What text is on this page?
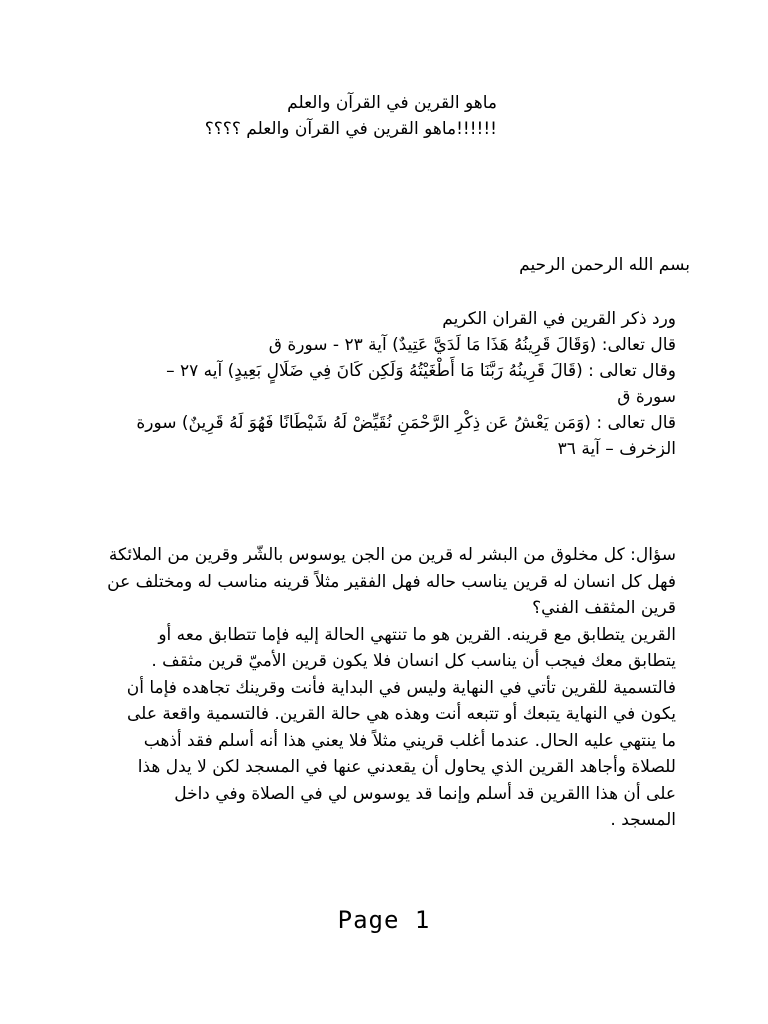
ماهو القرين في القرآن والعلم
!!!!!!ماهو القرين في القرآن والعلم ؟؟؟؟
بسم الله الرحمن الرحيم

ورد ذكر القرين في القران الكريم

قال تعالى: (وَقَالَ قَرِينُهُ هَذَا مَا لَدَيَّ عَتِيدٌ) آية ٢٣ - سورة ق

وقال تعالى : (قَالَ قَرِينُهُ رَبَّنَا مَا أَطْغَيْتُهُ وَلَكِن كَانَ فِي ضَلَالٍ بَعِيدٍ) آيه ٢٧ –

سورة ق

قال تعالى : (وَمَن يَعْشُ عَن ذِكْرِ الرَّحْمَنِ نُقَيِّضْ لَهُ شَيْطَانًا فَهُوَ لَهُ قَرِينٌ) سورة

الزخرف – آية ٣٦

سؤال: كل مخلوق من البشر له قرين من الجن يوسوس بالشّر وقرين من الملائكة

فهل كل انسان له قرين يناسب حاله فهل الفقير مثلاً قرينه مناسب له ومختلف عن

قرين المثقف الفني؟

القرين يتطابق مع قرينه. القرين هو ما تنتهي الحالة إليه فإما تتطابق معه أو

يتطابق معك فيجب أن يناسب كل انسان فلا يكون قرين الأميّ قرين مثقف .

فالتسمية للقرين تأتي في النهاية وليس في البداية فأنت وقرينك تجاهده فإما أن

يكون في النهاية يتبعك أو تتبعه أنت وهذه هي حالة القرين. فالتسمية واقعة على

ما ينتهي عليه الحال. عندما أغلب قريني مثلاً فلا يعني هذا أنه أسلم فقد أذهب

للصلاة وأجاهد القرين الذي يحاول أن يقعدني عنها في المسجد لكن لا يدل هذا

على أن هذا االقرين قد أسلم وإنما قد يوسوس لي في الصلاة وفي داخل

المسجد .

Page 1
